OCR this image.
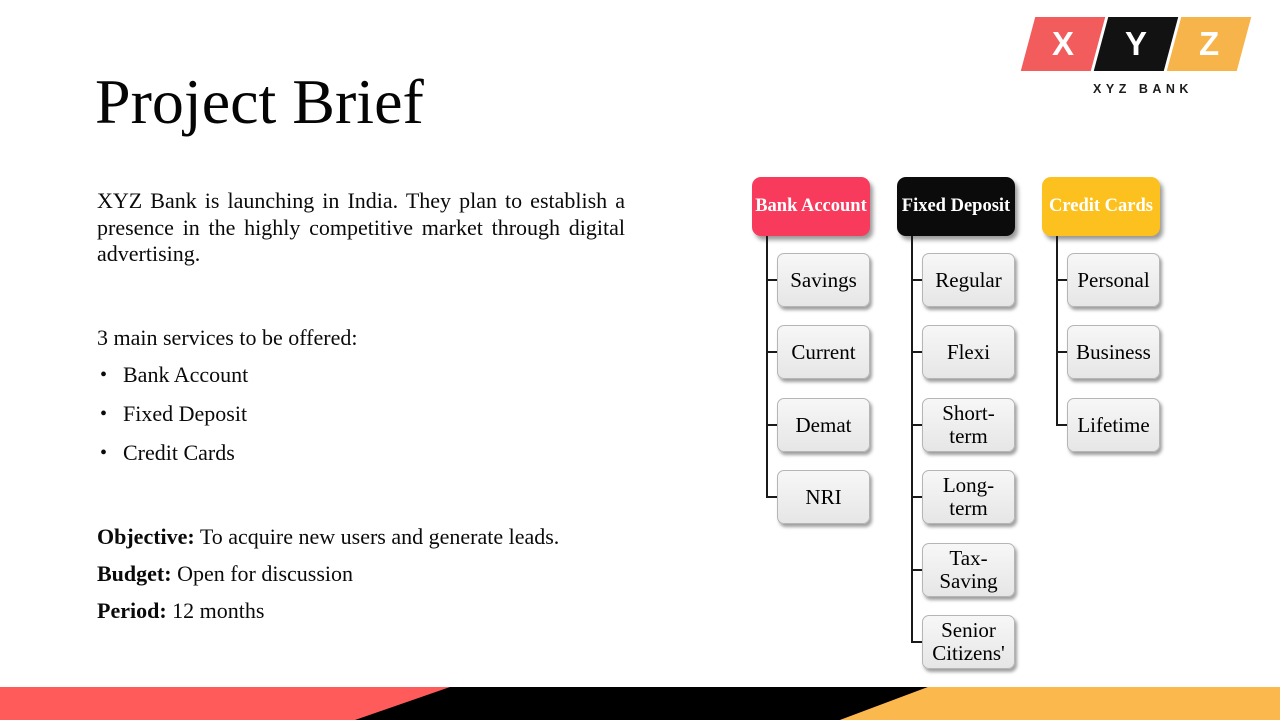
X Y Z
XYZ BANK
Project Brief

XYZ Bank is launching in India. They plan to establish a presence in the highly competitive market through digital advertising.

3 main services to be offered:
• Bank Account
• Fixed Deposit
• Credit Cards
Objective: To acquire new users and generate leads.
Budget: Open for discussion
Period: 12 months
Bank Account
Savings
Current
Demat
NRI
Fixed Deposit
Regular
Flexi
Short-term
Long-term
Tax-Saving
Senior Citizens'
Credit Cards
Personal
Business
Lifetime
